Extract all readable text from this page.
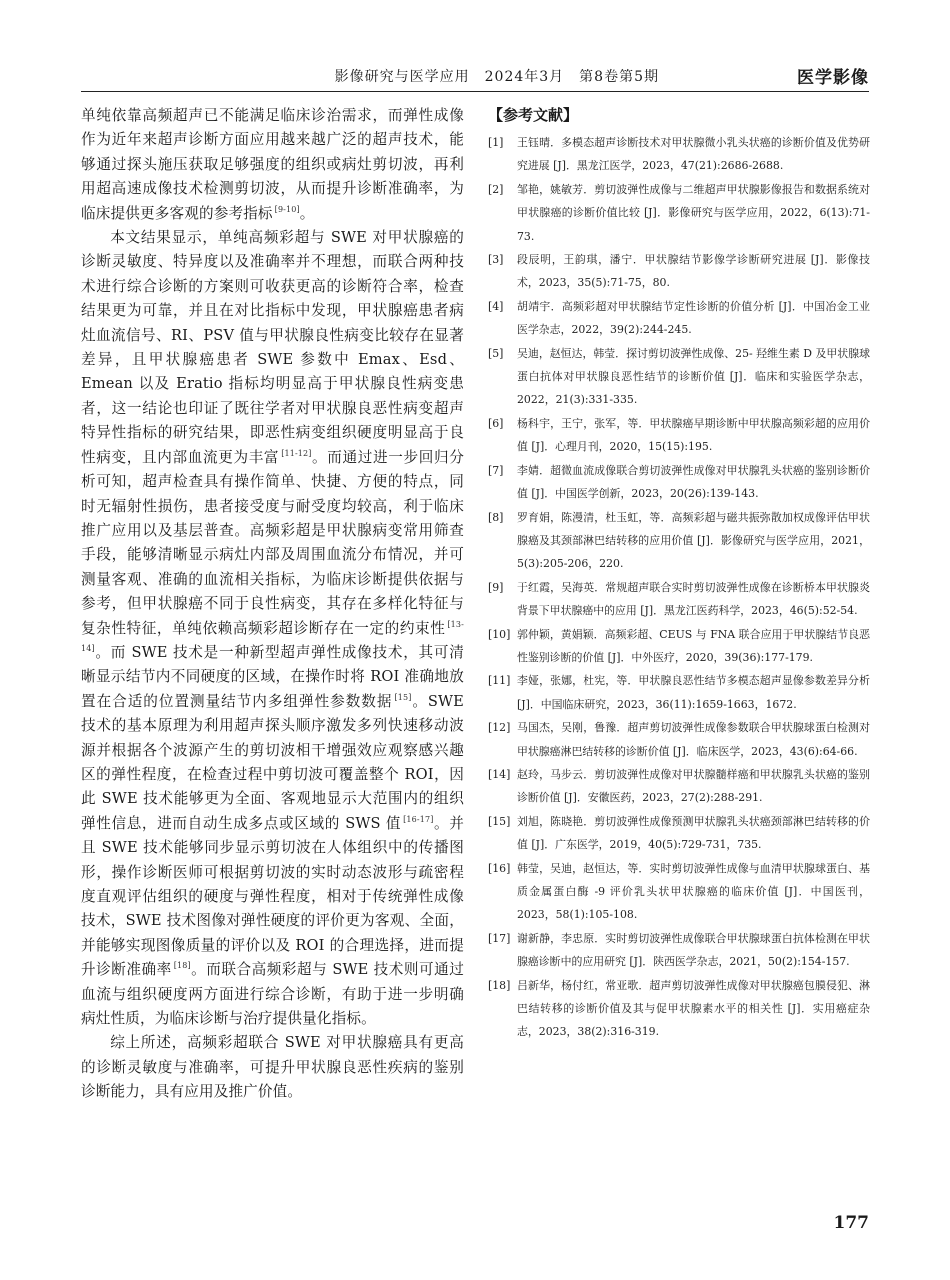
影像研究与医学应用　2024年3月　第8卷第5期	医学影像

单纯依靠高频超声已不能满足临床诊治需求，而弹性成像作为近年来超声诊断方面应用越来越广泛的超声技术，能够通过探头施压获取足够强度的组织或病灶剪切波，再利用超高速成像技术检测剪切波，从而提升诊断准确率，为临床提供更多客观的参考指标 [9-10]。

本文结果显示，单纯高频彩超与 SWE 对甲状腺癌的诊断灵敏度、特异度以及准确率并不理想，而联合两种技术进行综合诊断的方案则可收获更高的诊断符合率，检查结果更为可靠，并且在对比指标中发现，甲状腺癌患者病灶血流信号、RI、PSV 值与甲状腺良性病变比较存在显著差异，且甲状腺癌患者 SWE 参数中 Emax、Esd、Emean 以及 Eratio 指标均明显高于甲状腺良性病变患者，这一结论也印证了既往学者对甲状腺良恶性病变超声特异性指标的研究结果，即恶性病变组织硬度明显高于良性病变，且内部血流更为丰富 [11-12]。而通过进一步回归分析可知，超声检查具有操作简单、快捷、方便的特点，同时无辐射性损伤，患者接受度与耐受度均较高，利于临床推广应用以及基层普查。高频彩超是甲状腺病变常用筛查手段，能够清晰显示病灶内部及周围血流分布情况，并可测量客观、准确的血流相关指标，为临床诊断提供依据与参考，但甲状腺癌不同于良性病变，其存在多样化特征与复杂性特征，单纯依赖高频彩超诊断存在一定的约束性 [13-14]。而 SWE 技术是一种新型超声弹性成像技术，其可清晰显示结节内不同硬度的区域，在操作时将 ROI 准确地放置在合适的位置测量结节内多组弹性参数数据 [15]。SWE 技术的基本原理为利用超声探头顺序激发多列快速移动波源并根据各个波源产生的剪切波相干增强效应观察感兴趣区的弹性程度，在检查过程中剪切波可覆盖整个 ROI，因此 SWE 技术能够更为全面、客观地显示大范围内的组织弹性信息，进而自动生成多点或区域的 SWS 值 [16-17]。并且 SWE 技术能够同步显示剪切波在人体组织中的传播图形，操作诊断医师可根据剪切波的实时动态波形与疏密程度直观评估组织的硬度与弹性程度，相对于传统弹性成像技术，SWE 技术图像对弹性硬度的评价更为客观、全面，并能够实现图像质量的评价以及 ROI 的合理选择，进而提升诊断准确率 [18]。而联合高频彩超与 SWE 技术则可通过血流与组织硬度两方面进行综合诊断，有助于进一步明确病灶性质，为临床诊断与治疗提供量化指标。

综上所述，高频彩超联合 SWE 对甲状腺癌具有更高的诊断灵敏度与准确率，可提升甲状腺良恶性疾病的鉴别诊断能力，具有应用及推广价值。

【参考文献】
[1] 王钰晴．多模态超声诊断技术对甲状腺微小乳头状癌的诊断价值及优势研究进展 [J]．黑龙江医学，2023，47(21):2686-2688.
[2] 邹艳，姚敏芳．剪切波弹性成像与二维超声甲状腺影像报告和数据系统对甲状腺癌的诊断价值比较 [J]．影像研究与医学应用，2022，6(13):71-73.
[3] 段辰明，王韵琪，潘宁．甲状腺结节影像学诊断研究进展 [J]．影像技术，2023，35(5):71-75，80.
[4] 胡靖宇．高频彩超对甲状腺结节定性诊断的价值分析 [J]．中国冶金工业医学杂志，2022，39(2):244-245.
[5] 吴迪，赵恒达，韩莹．探讨剪切波弹性成像、25- 羟维生素 D 及甲状腺球蛋白抗体对甲状腺良恶性结节的诊断价值 [J]．临床和实验医学杂志，2022，21(3):331-335.
[6] 杨科宇，王宁，张军，等．甲状腺癌早期诊断中甲状腺高频彩超的应用价值 [J]．心理月刊，2020，15(15):195.
[7] 李婧．超微血流成像联合剪切波弹性成像对甲状腺乳头状癌的鉴别诊断价值 [J]．中国医学创新，2023，20(26):139-143.
[8] 罗育娟，陈漫清，杜玉虹，等．高频彩超与磁共振弥散加权成像评估甲状腺癌及其颈部淋巴结转移的应用价值 [J]．影像研究与医学应用，2021，5(3):205-206，220.
[9] 于红霞，吴海英．常规超声联合实时剪切波弹性成像在诊断桥本甲状腺炎背景下甲状腺癌中的应用 [J]．黑龙江医药科学，2023，46(5):52-54.
[10] 郭仲颖，黄娟颖．高频彩超、CEUS 与 FNA 联合应用于甲状腺结节良恶性鉴别诊断的价值 [J]．中外医疗，2020，39(36):177-179.
[11] 李娅，张娜，杜宪，等．甲状腺良恶性结节多模态超声显像参数差异分析 [J]．中国临床研究，2023，36(11):1659-1663，1672.
[12] 马国杰，吴刚，鲁豫．超声剪切波弹性成像参数联合甲状腺球蛋白检测对甲状腺癌淋巴结转移的诊断价值 [J]．临床医学，2023，43(6):64-66.
[14] 赵玲，马步云．剪切波弹性成像对甲状腺髓样癌和甲状腺乳头状癌的鉴别诊断价值 [J]．安徽医药，2023，27(2):288-291.
[15] 刘旭，陈晓艳．剪切波弹性成像预测甲状腺乳头状癌颈部淋巴结转移的价值 [J]．广东医学，2019，40(5):729-731，735.
[16] 韩莹，吴迪，赵恒达，等．实时剪切波弹性成像与血清甲状腺球蛋白、基质金属蛋白酶 -9 评价乳头状甲状腺癌的临床价值 [J]．中国医刊，2023，58(1):105-108.
[17] 谢新静，李忠原．实时剪切波弹性成像联合甲状腺球蛋白抗体检测在甲状腺癌诊断中的应用研究 [J]．陕西医学杂志，2021，50(2):154-157.
[18] 吕新华，杨付红，常亚歌．超声剪切波弹性成像对甲状腺癌包膜侵犯、淋巴结转移的诊断价值及其与促甲状腺素水平的相关性 [J]．实用癌症杂志，2023，38(2):316-319.
177
